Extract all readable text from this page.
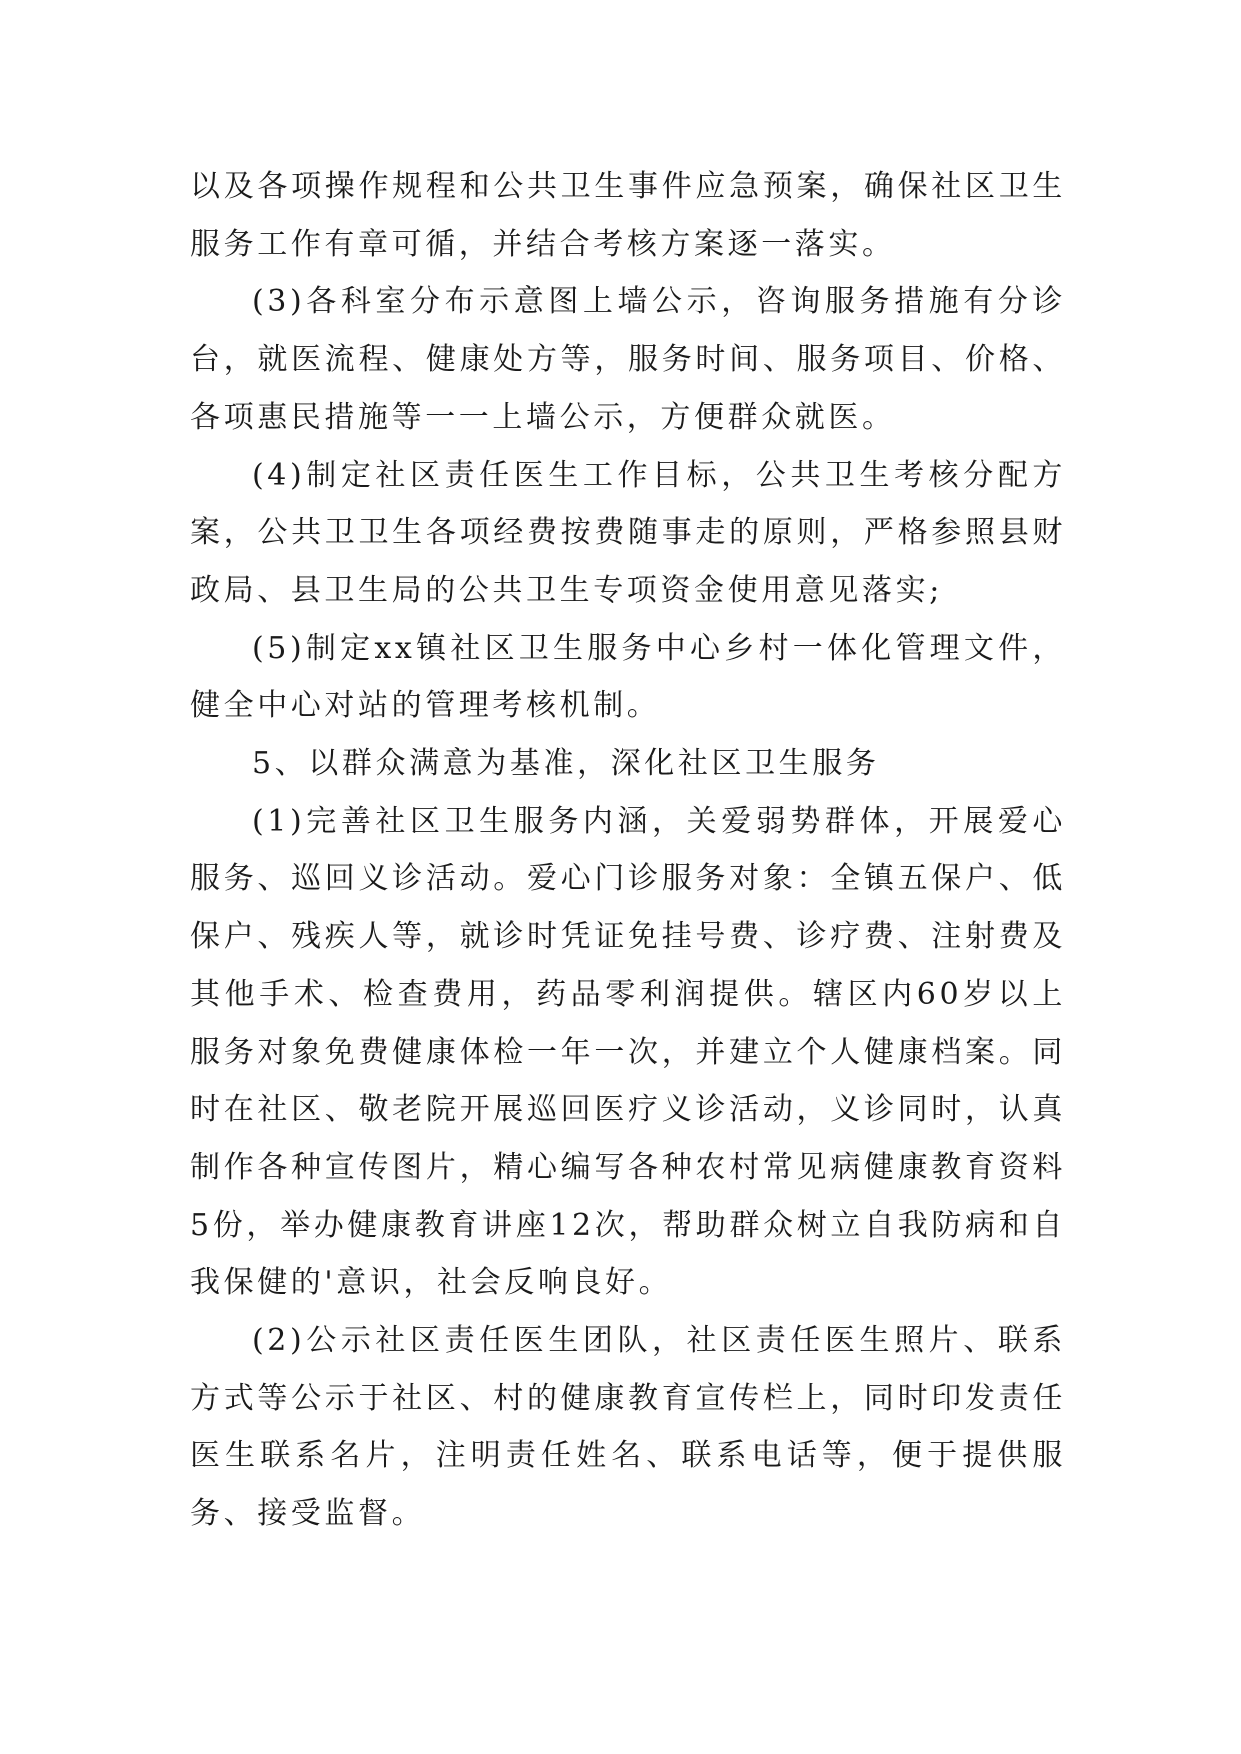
以及各项操作规程和公共卫生事件应急预案，确保社区卫生服务工作有章可循，并结合考核方案逐一落实。

(3)各科室分布示意图上墙公示，咨询服务措施有分诊台，就医流程、健康处方等，服务时间、服务项目、价格、各项惠民措施等一一上墙公示，方便群众就医。

(4)制定社区责任医生工作目标，公共卫生考核分配方案，公共卫卫生各项经费按费随事走的原则，严格参照县财政局、县卫生局的公共卫生专项资金使用意见落实;

(5)制定xx镇社区卫生服务中心乡村一体化管理文件，健全中心对站的管理考核机制。

5、以群众满意为基准，深化社区卫生服务

(1)完善社区卫生服务内涵，关爱弱势群体，开展爱心服务、巡回义诊活动。爱心门诊服务对象：全镇五保户、低保户、残疾人等，就诊时凭证免挂号费、诊疗费、注射费及其他手术、检查费用，药品零利润提供。辖区内60岁以上服务对象免费健康体检一年一次，并建立个人健康档案。同时在社区、敬老院开展巡回医疗义诊活动，义诊同时，认真制作各种宣传图片，精心编写各种农村常见病健康教育资料5份，举办健康教育讲座12次，帮助群众树立自我防病和自我保健的'意识，社会反响良好。

(2)公示社区责任医生团队，社区责任医生照片、联系方式等公示于社区、村的健康教育宣传栏上，同时印发责任医生联系名片，注明责任姓名、联系电话等，便于提供服务、接受监督。
